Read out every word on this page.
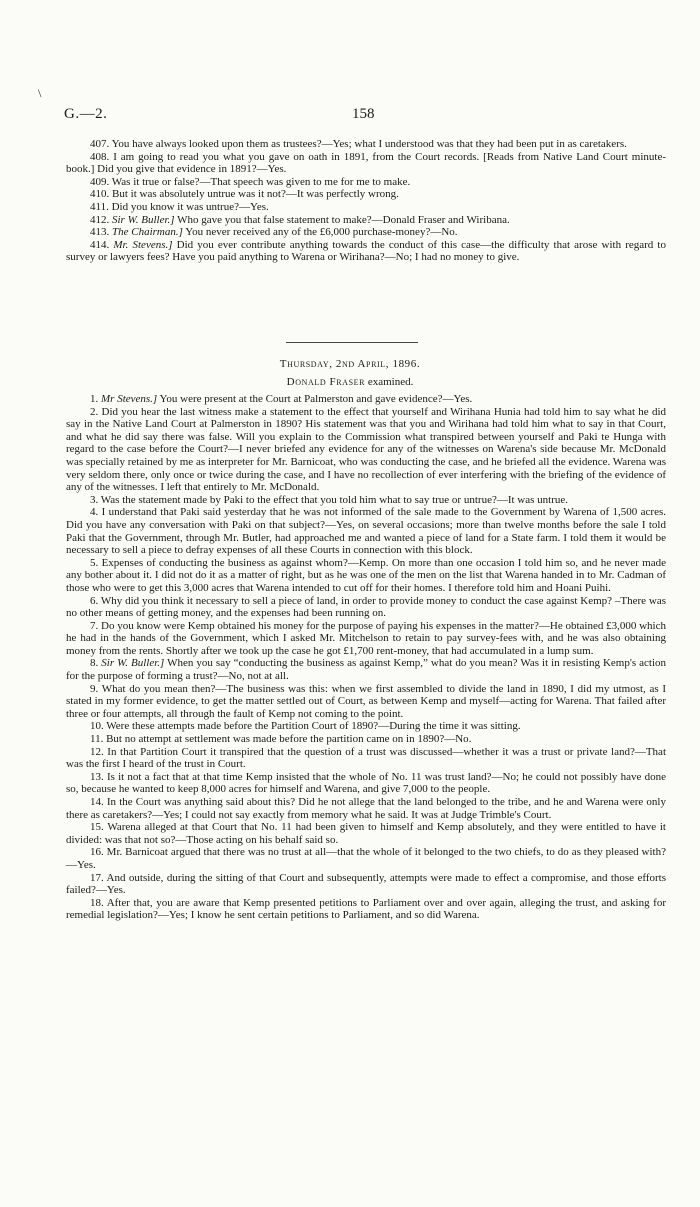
\
G.—2.	158

407. You have always looked upon them as trustees?—Yes; what I understood was that they had been put in as caretakers.

408. I am going to read you what you gave on oath in 1891, from the Court records. [Reads from Native Land Court minute-book.] Did you give that evidence in 1891?—Yes.

409. Was it true or false?—That speech was given to me for me to make.

410. But it was absolutely untrue was it not?—It was perfectly wrong.

411. Did you know it was untrue?—Yes.

412. Sir W. Buller.] Who gave you that false statement to make?—Donald Fraser and Wiribana.

413. The Chairman.] You never received any of the £6,000 purchase-money?—No.

414. Mr. Stevens.] Did you ever contribute anything towards the conduct of this case—the difficulty that arose with regard to survey or lawyers fees? Have you paid anything to Warena or Wirihana?—No; I had no money to give.

Thursday, 2nd April, 1896.
Donald Fraser examined.

1. Mr Stevens.] You were present at the Court at Palmerston and gave evidence?—Yes.

2. Did you hear the last witness make a statement to the effect that yourself and Wirihana Hunia had told him to say what he did say in the Native Land Court at Palmerston in 1890? His statement was that you and Wirihana had told him what to say in that Court, and what he did say there was false. Will you explain to the Commission what transpired between yourself and Paki te Hunga with regard to the case before the Court?—I never briefed any evidence for any of the witnesses on Warena's side because Mr. McDonald was specially retained by me as interpreter for Mr. Barnicoat, who was conducting the case, and he briefed all the evidence. Warena was very seldom there, only once or twice during the case, and I have no recollection of ever interfering with the briefing of the evidence of any of the witnesses. I left that entirely to Mr. McDonald.

3. Was the statement made by Paki to the effect that you told him what to say true or untrue?—It was untrue.

4. I understand that Paki said yesterday that he was not informed of the sale made to the Government by Warena of 1,500 acres. Did you have any conversation with Paki on that subject?—Yes, on several occasions; more than twelve months before the sale I told Paki that the Government, through Mr. Butler, had approached me and wanted a piece of land for a State farm. I told them it would be necessary to sell a piece to defray expenses of all these Courts in connection with this block.

5. Expenses of conducting the business as against whom?—Kemp. On more than one occasion I told him so, and he never made any bother about it. I did not do it as a matter of right, but as he was one of the men on the list that Warena handed in to Mr. Cadman of those who were to get this 3,000 acres that Warena intended to cut off for their homes. I therefore told him and Hoani Puihi.

6. Why did you think it necessary to sell a piece of land, in order to provide money to conduct the case against Kemp? –There was no other means of getting money, and the expenses had been running on.

7. Do you know were Kemp obtained his money for the purpose of paying his expenses in the matter?—He obtained £3,000 which he had in the hands of the Government, which I asked Mr. Mitchelson to retain to pay survey-fees with, and he was also obtaining money from the rents. Shortly after we took up the case he got £1,700 rent-money, that had accumulated in a lump sum.

8. Sir W. Buller.] When you say “conducting the business as against Kemp,” what do you mean? Was it in resisting Kemp's action for the purpose of forming a trust?—No, not at all.

9. What do you mean then?—The business was this: when we first assembled to divide the land in 1890, I did my utmost, as I stated in my former evidence, to get the matter settled out of Court, as between Kemp and myself—acting for Warena. That failed after three or four attempts, all through the fault of Kemp not coming to the point.

10. Were these attempts made before the Partition Court of 1890?—During the time it was sitting.

11. But no attempt at settlement was made before the partition came on in 1890?—No.

12. In that Partition Court it transpired that the question of a trust was discussed—whether it was a trust or private land?—That was the first I heard of the trust in Court.

13. Is it not a fact that at that time Kemp insisted that the whole of No. 11 was trust land?—No; he could not possibly have done so, because he wanted to keep 8,000 acres for himself and Warena, and give 7,000 to the people.

14. In the Court was anything said about this? Did he not allege that the land belonged to the tribe, and he and Warena were only there as caretakers?—Yes; I could not say exactly from memory what he said. It was at Judge Trimble's Court.

15. Warena alleged at that Court that No. 11 had been given to himself and Kemp absolutely, and they were entitled to have it divided: was that not so?—Those acting on his behalf said so.

16. Mr. Barnicoat argued that there was no trust at all—that the whole of it belonged to the two chiefs, to do as they pleased with?—Yes.

17. And outside, during the sitting of that Court and subsequently, attempts were made to effect a compromise, and those efforts failed?—Yes.

18. After that, you are aware that Kemp presented petitions to Parliament over and over again, alleging the trust, and asking for remedial legislation?—Yes; I know he sent certain petitions to Parliament, and so did Warena.
